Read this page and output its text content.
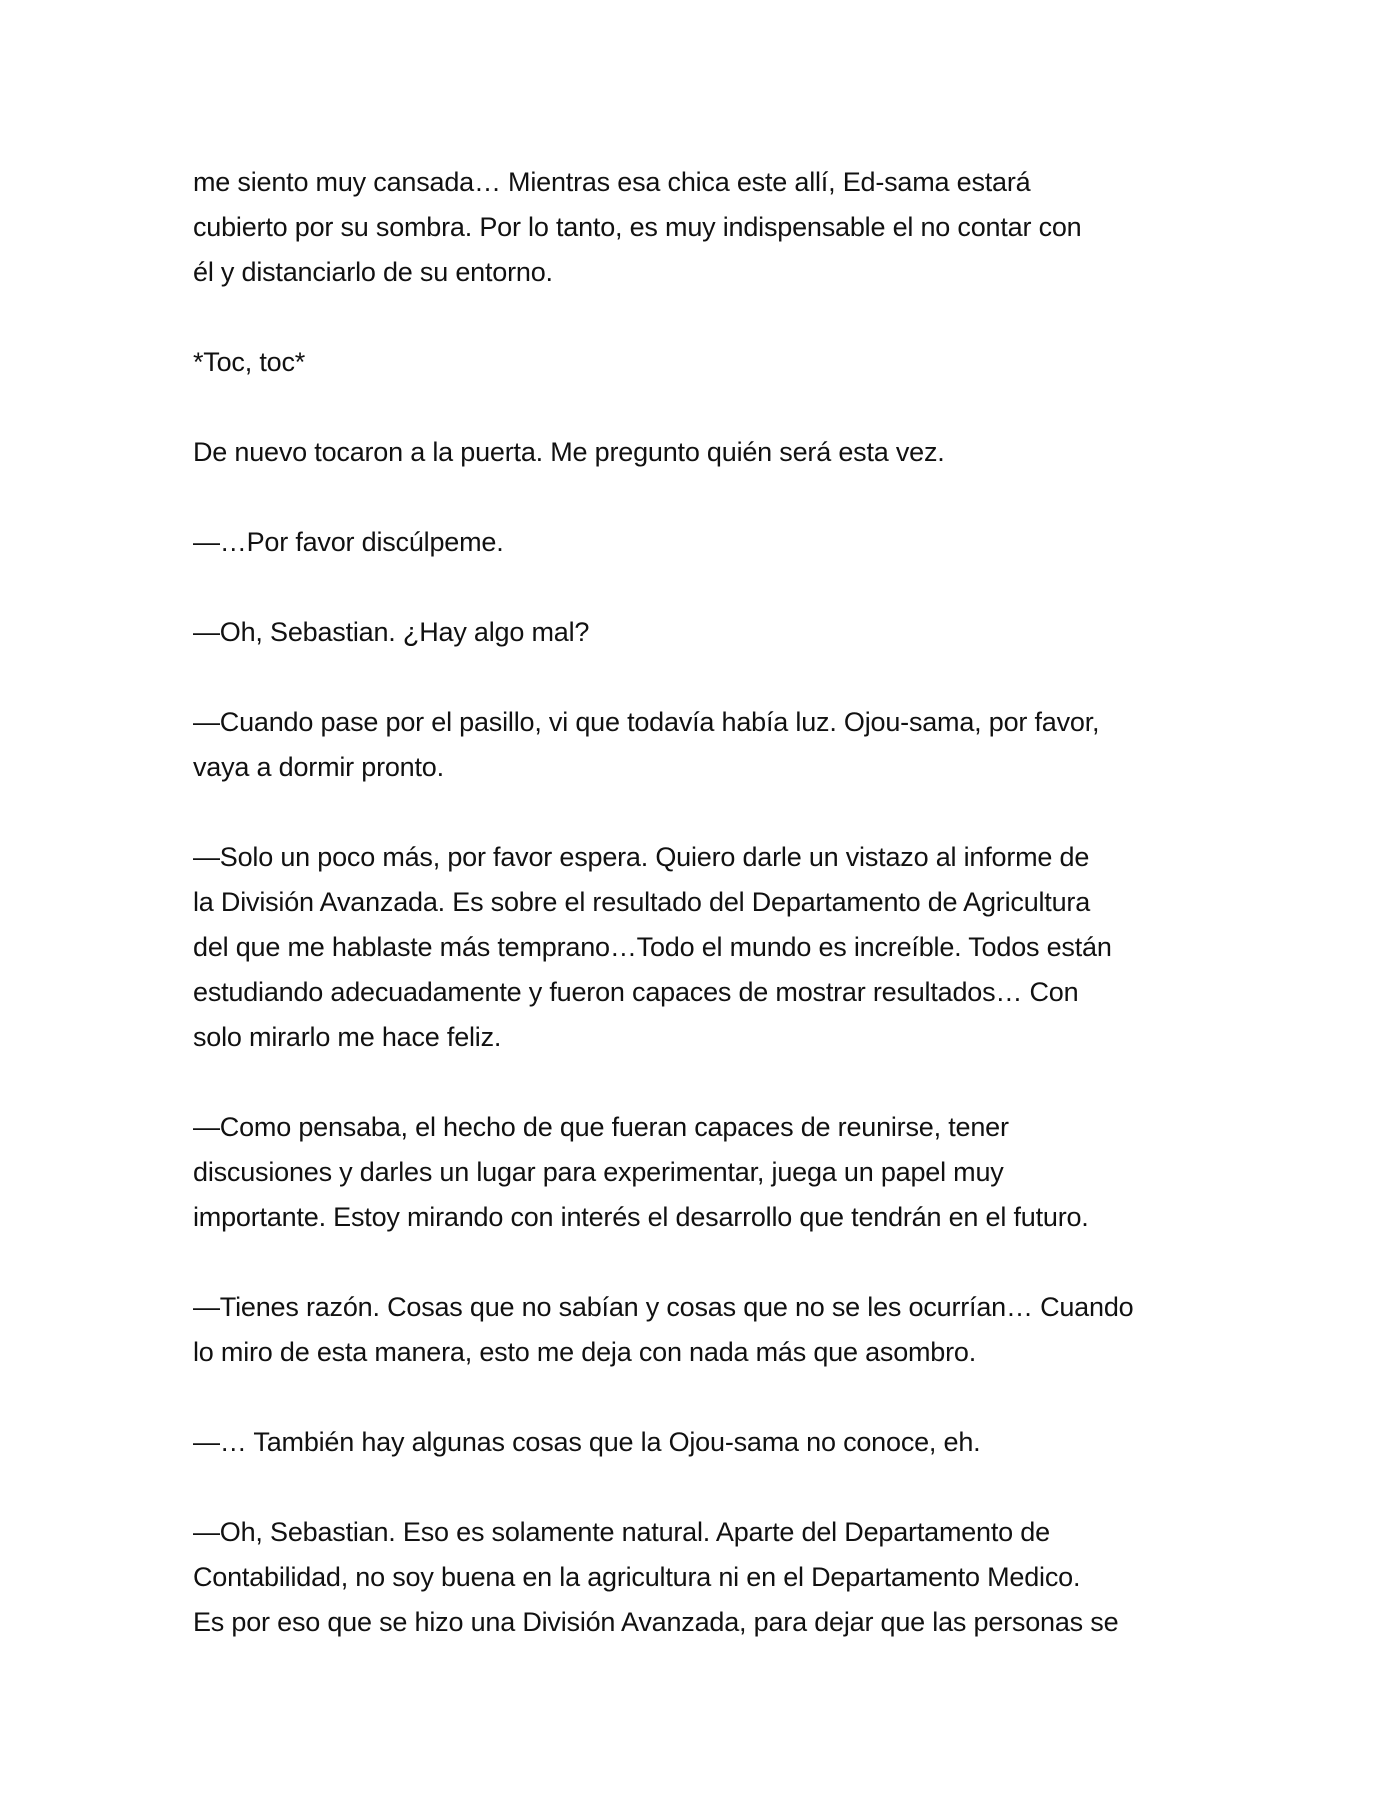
me siento muy cansada… Mientras esa chica este allí, Ed-sama estará
cubierto por su sombra. Por lo tanto, es muy indispensable el no contar con
él y distanciarlo de su entorno.

*Toc, toc*

De nuevo tocaron a la puerta. Me pregunto quién será esta vez.

—…Por favor discúlpeme.

—Oh, Sebastian. ¿Hay algo mal?

—Cuando pase por el pasillo, vi que todavía había luz. Ojou-sama, por favor,
vaya a dormir pronto.

—Solo un poco más, por favor espera. Quiero darle un vistazo al informe de
la División Avanzada. Es sobre el resultado del Departamento de Agricultura
del que me hablaste más temprano…Todo el mundo es increíble. Todos están
estudiando adecuadamente y fueron capaces de mostrar resultados… Con
solo mirarlo me hace feliz.

—Como pensaba, el hecho de que fueran capaces de reunirse, tener
discusiones y darles un lugar para experimentar, juega un papel muy
importante. Estoy mirando con interés el desarrollo que tendrán en el futuro.

—Tienes razón. Cosas que no sabían y cosas que no se les ocurrían… Cuando
lo miro de esta manera, esto me deja con nada más que asombro.

—… También hay algunas cosas que la Ojou-sama no conoce, eh.

—Oh, Sebastian. Eso es solamente natural. Aparte del Departamento de
Contabilidad, no soy buena en la agricultura ni en el Departamento Medico.
Es por eso que se hizo una División Avanzada, para dejar que las personas se
